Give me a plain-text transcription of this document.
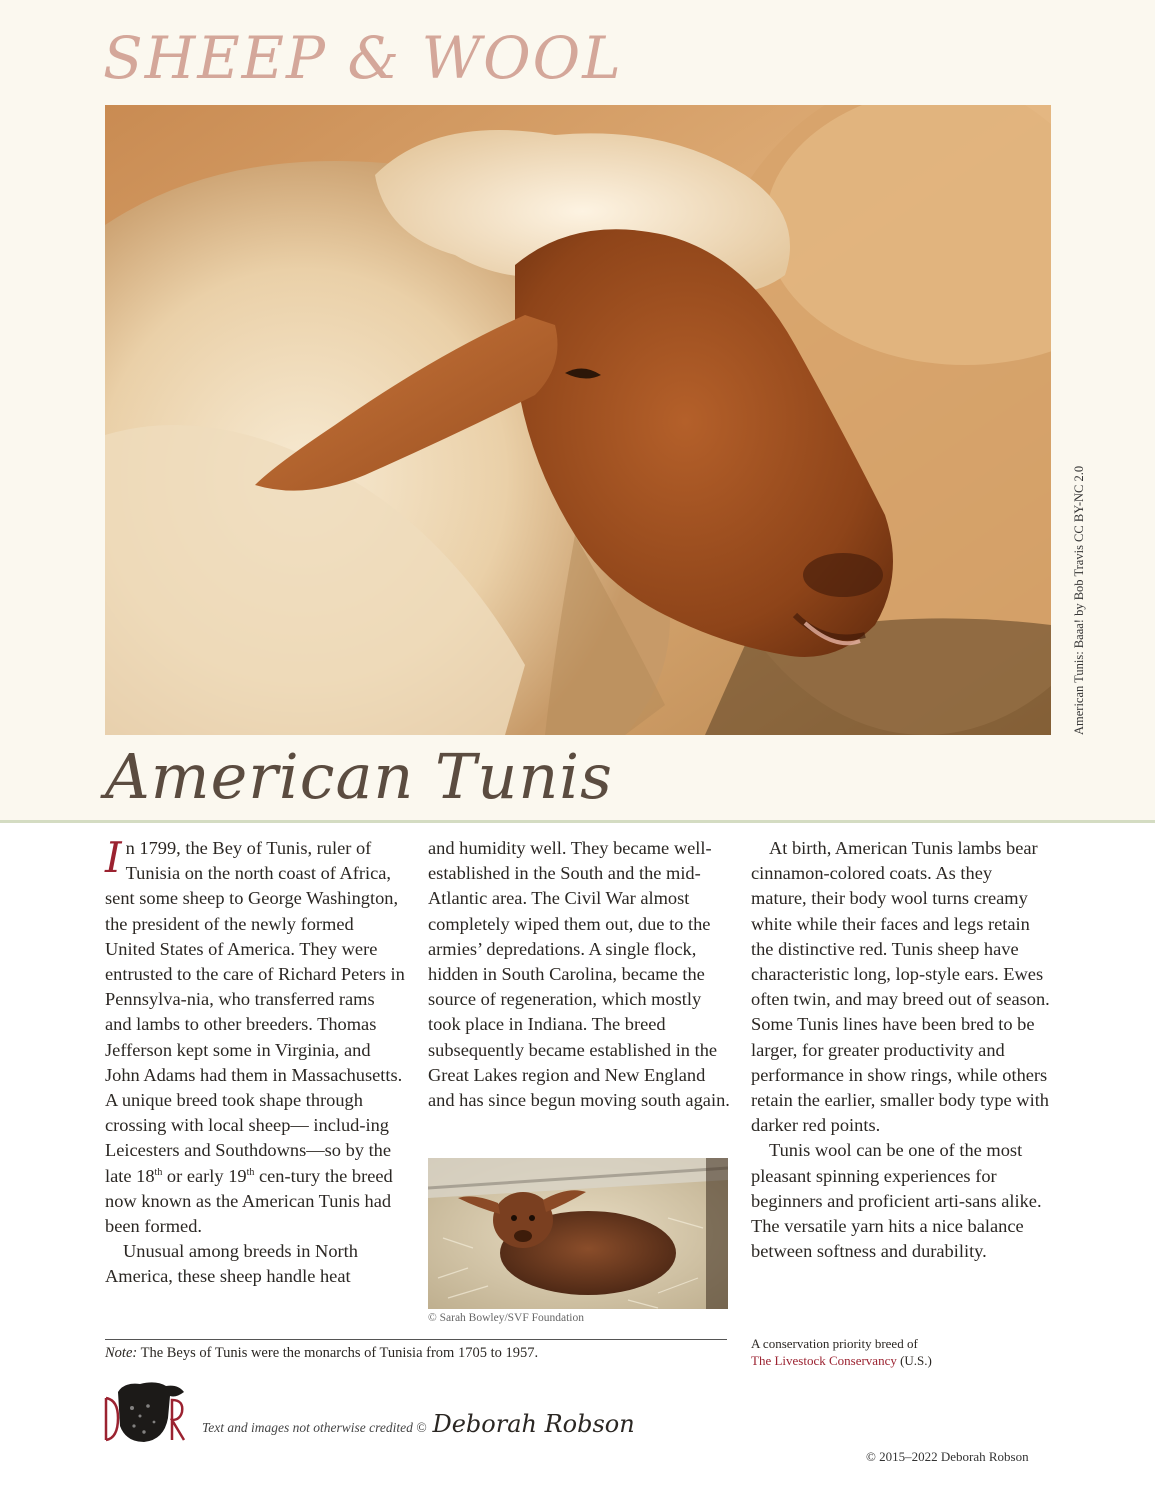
SHEEP & WOOL
American Tunis: Baaa! by Bob Travis CC BY-NC 2.0
American Tunis

In 1799, the Bey of Tunis, ruler of Tunisia on the north coast of Africa, sent some sheep to George Washington, the president of the newly formed United States of America. They were entrusted to the care of Richard Peters in Pennsylva-nia, who transferred rams and lambs to other breeders. Thomas Jefferson kept some in Virginia, and John Adams had them in Massachusetts. A unique breed took shape through crossing with local sheep— includ-ing Leicesters and Southdowns—so by the late 18th or early 19th cen-tury the breed now known as the American Tunis had been formed.

Unusual among breeds in North America, these sheep handle heat

and humidity well. They became well-established in the South and the mid-Atlantic area. The Civil War almost completely wiped them out, due to the armies’ depredations. A single flock, hidden in South Carolina, became the source of regeneration, which mostly took place in Indiana. The breed subsequently became established in the Great Lakes region and New England and has since begun moving south again.

© Sarah Bowley/SVF Foundation

At birth, American Tunis lambs bear cinnamon-colored coats. As they mature, their body wool turns creamy white while their faces and legs retain the distinctive red. Tunis sheep have characteristic long, lop-style ears. Ewes often twin, and may breed out of season. Some Tunis lines have been bred to be larger, for greater productivity and performance in show rings, while others retain the earlier, smaller body type with darker red points.

Tunis wool can be one of the most pleasant spinning experiences for beginners and proficient arti-sans alike. The versatile yarn hits a nice balance between softness and durability.

Note: The Beys of Tunis were the monarchs of Tunisia from 1705 to 1957.
A conservation priority breed of
The Livestock Conservancy (U.S.)
Text and images not otherwise credited © Deborah Robson
© 2015–2022 Deborah Robson
